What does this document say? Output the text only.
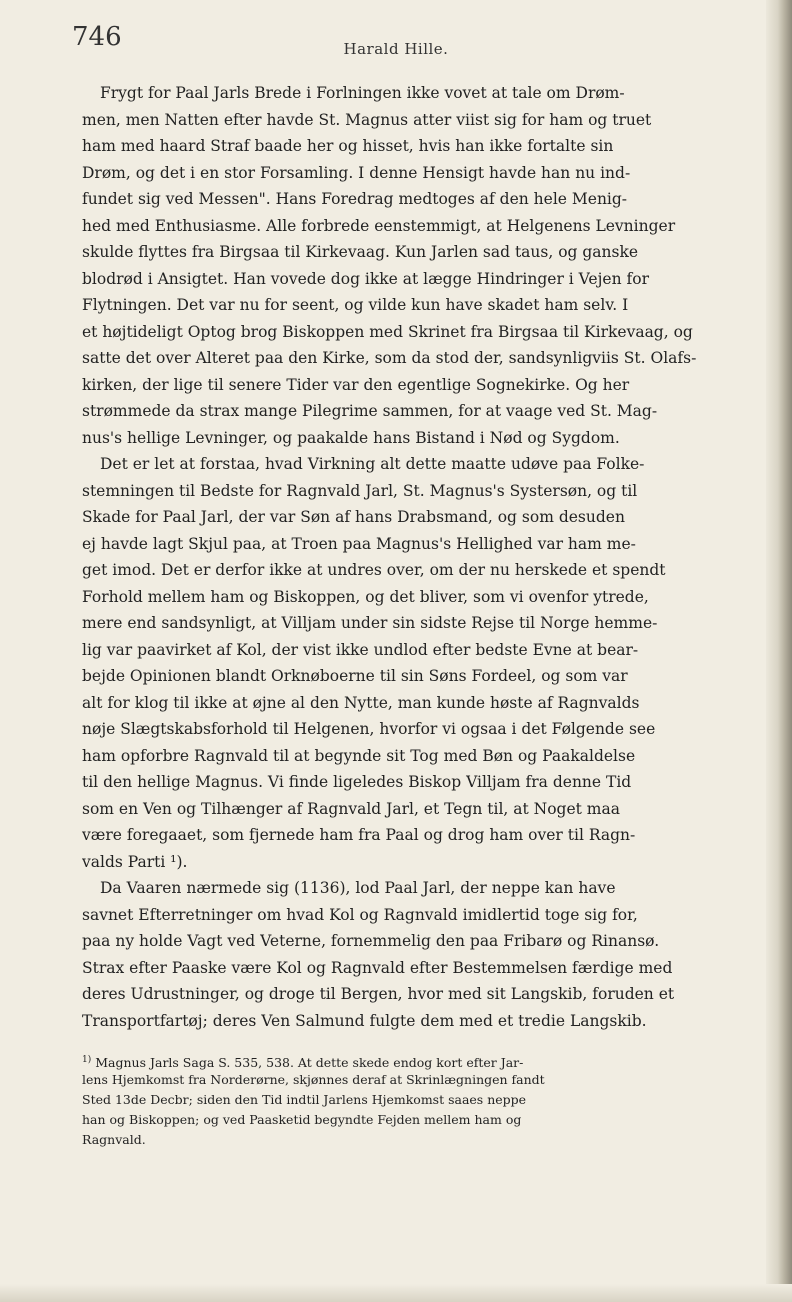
746	Harald Hille.
Frygt for Paal Jarls Brede i Forlningen ikke vovet at tale om Drøm-
men, men Natten efter havde St. Magnus atter viist sig for ham og truet
ham med haard Straf baade her og hisset, hvis han ikke fortalte sin
Drøm, og det i en stor Forsamling. I denne Hensigt havde han nu ind-
fundet sig ved Messen". Hans Foredrag medtoges af den hele Menig-
hed med Enthusiasme. Alle forbrede eenstemmigt, at Helgenens Levninger
skulde flyttes fra Birgsaa til Kirkevaag. Kun Jarlen sad taus, og ganske
blodrød i Ansigtet. Han vovede dog ikke at lægge Hindringer i Vejen for
Flytningen. Det var nu for seent, og vilde kun have skadet ham selv. I
et højtideligt Optog brog Biskoppen med Skrinet fra Birgsaa til Kirkevaag, og
satte det over Alteret paa den Kirke, som da stod der, sandsynligviis St. Olafs-
kirken, der lige til senere Tider var den egentlige Sognekirke. Og her
strømmede da strax mange Pilegrime sammen, for at vaage ved St. Mag-
nus's hellige Levninger, og paakalde hans Bistand i Nød og Sygdom.
Det er let at forstaa, hvad Virkning alt dette maatte udøve paa Folke-
stemningen til Bedste for Ragnvald Jarl, St. Magnus's Systersøn, og til
Skade for Paal Jarl, der var Søn af hans Drabsmand, og som desuden
ej havde lagt Skjul paa, at Troen paa Magnus's Hellighed var ham me-
get imod. Det er derfor ikke at undres over, om der nu herskede et spendt
Forhold mellem ham og Biskoppen, og det bliver, som vi ovenfor ytrede,
mere end sandsynligt, at Villjam under sin sidste Rejse til Norge hemme-
lig var paavirket af Kol, der vist ikke undlod efter bedste Evne at bear-
bejde Opinionen blandt Orknøboerne til sin Søns Fordeel, og som var
alt for klog til ikke at øjne al den Nytte, man kunde høste af Ragnvalds
nøje Slægtskabsforhold til Helgenen, hvorfor vi ogsaa i det Følgende see
ham opforbre Ragnvald til at begynde sit Tog med Bøn og Paakaldelse
til den hellige Magnus. Vi finde ligeledes Biskop Villjam fra denne Tid
som en Ven og Tilhænger af Ragnvald Jarl, et Tegn til, at Noget maa
være foregaaet, som fjernede ham fra Paal og drog ham over til Ragn-
valds Parti ¹).
Da Vaaren nærmede sig (1136), lod Paal Jarl, der neppe kan have
savnet Efterretninger om hvad Kol og Ragnvald imidlertid toge sig for,
paa ny holde Vagt ved Veterne, fornemmelig den paa Fribarø og Rinansø.
Strax efter Paaske være Kol og Ragnvald efter Bestemmelsen færdige med
deres Udrustninger, og droge til Bergen, hvor med sit Langskib, foruden et
Transportfartøj; deres Ven Salmund fulgte dem med et tredie Langskib.
$^{1)}$ Magnus Jarls Saga S. 535, 538. At dette skede endog kort efter Jar-
lens Hjemkomst fra Norderørne, skjønnes deraf at Skrinlægningen fandt
Sted 13de Decbr; siden den Tid indtil Jarlens Hjemkomst saaes neppe
han og Biskoppen; og ved Paasketid begyndte Fejden mellem ham og
Ragnvald.
